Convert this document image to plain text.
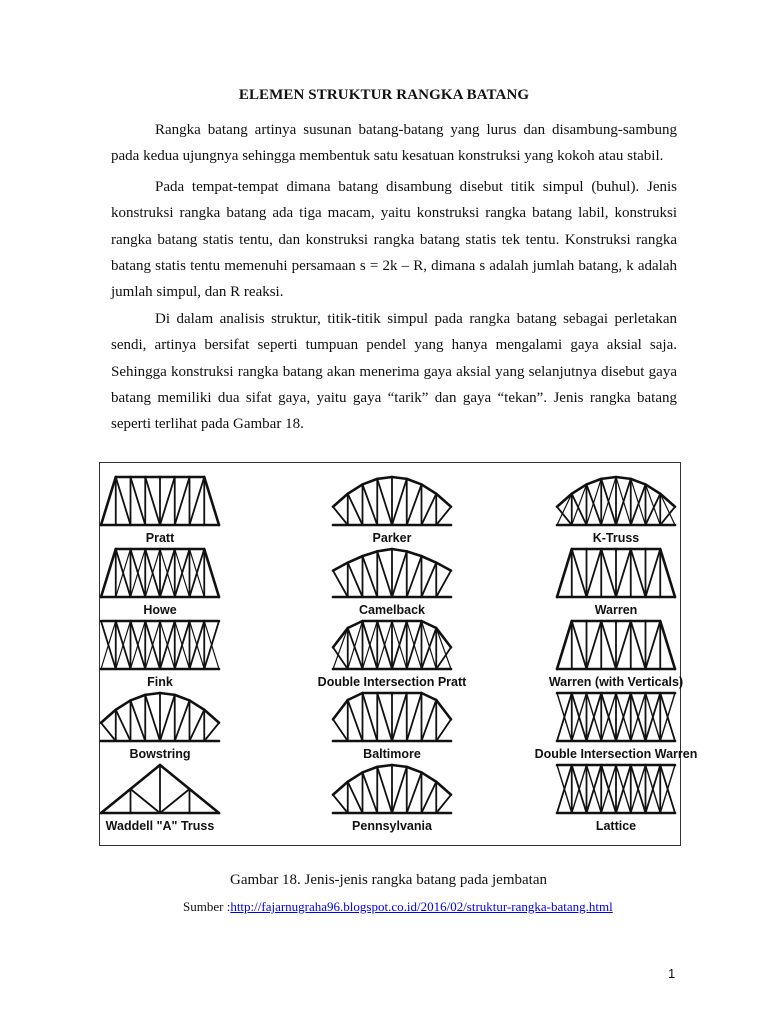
ELEMEN STRUKTUR RANGKA BATANG

Rangka batang artinya susunan batang-batang yang lurus dan disambung-sambung pada kedua ujungnya sehingga membentuk satu kesatuan konstruksi yang kokoh atau stabil.

Pada tempat-tempat dimana batang disambung disebut titik simpul (buhul). Jenis konstruksi rangka batang ada tiga macam, yaitu konstruksi rangka batang labil, konstruksi rangka batang statis tentu, dan konstruksi rangka batang statis tek tentu. Konstruksi rangka batang statis tentu memenuhi persamaan s = 2k – R, dimana s adalah jumlah batang, k adalah jumlah simpul, dan R reaksi.

Di dalam analisis struktur, titik-titik simpul pada rangka batang sebagai perletakan sendi, artinya bersifat seperti tumpuan pendel yang hanya mengalami gaya aksial saja. Sehingga konstruksi rangka batang akan menerima gaya aksial yang selanjutnya disebut gaya batang memiliki dua sifat gaya, yaitu gaya “tarik” dan gaya “tekan”. Jenis rangka batang seperti terlihat pada Gambar 18.

Pratt	Parker	K-Truss
Howe	Camelback	Warren
Fink	Double Intersection Pratt	Warren (with Verticals)
Bowstring	Baltimore	Double Intersection Warren
Waddell "A" Truss	Pennsylvania	Lattice
Gambar 18. Jenis-jenis rangka batang pada jembatan
Sumber :http://fajarnugraha96.blogspot.co.id/2016/02/struktur-rangka-batang.html
1
